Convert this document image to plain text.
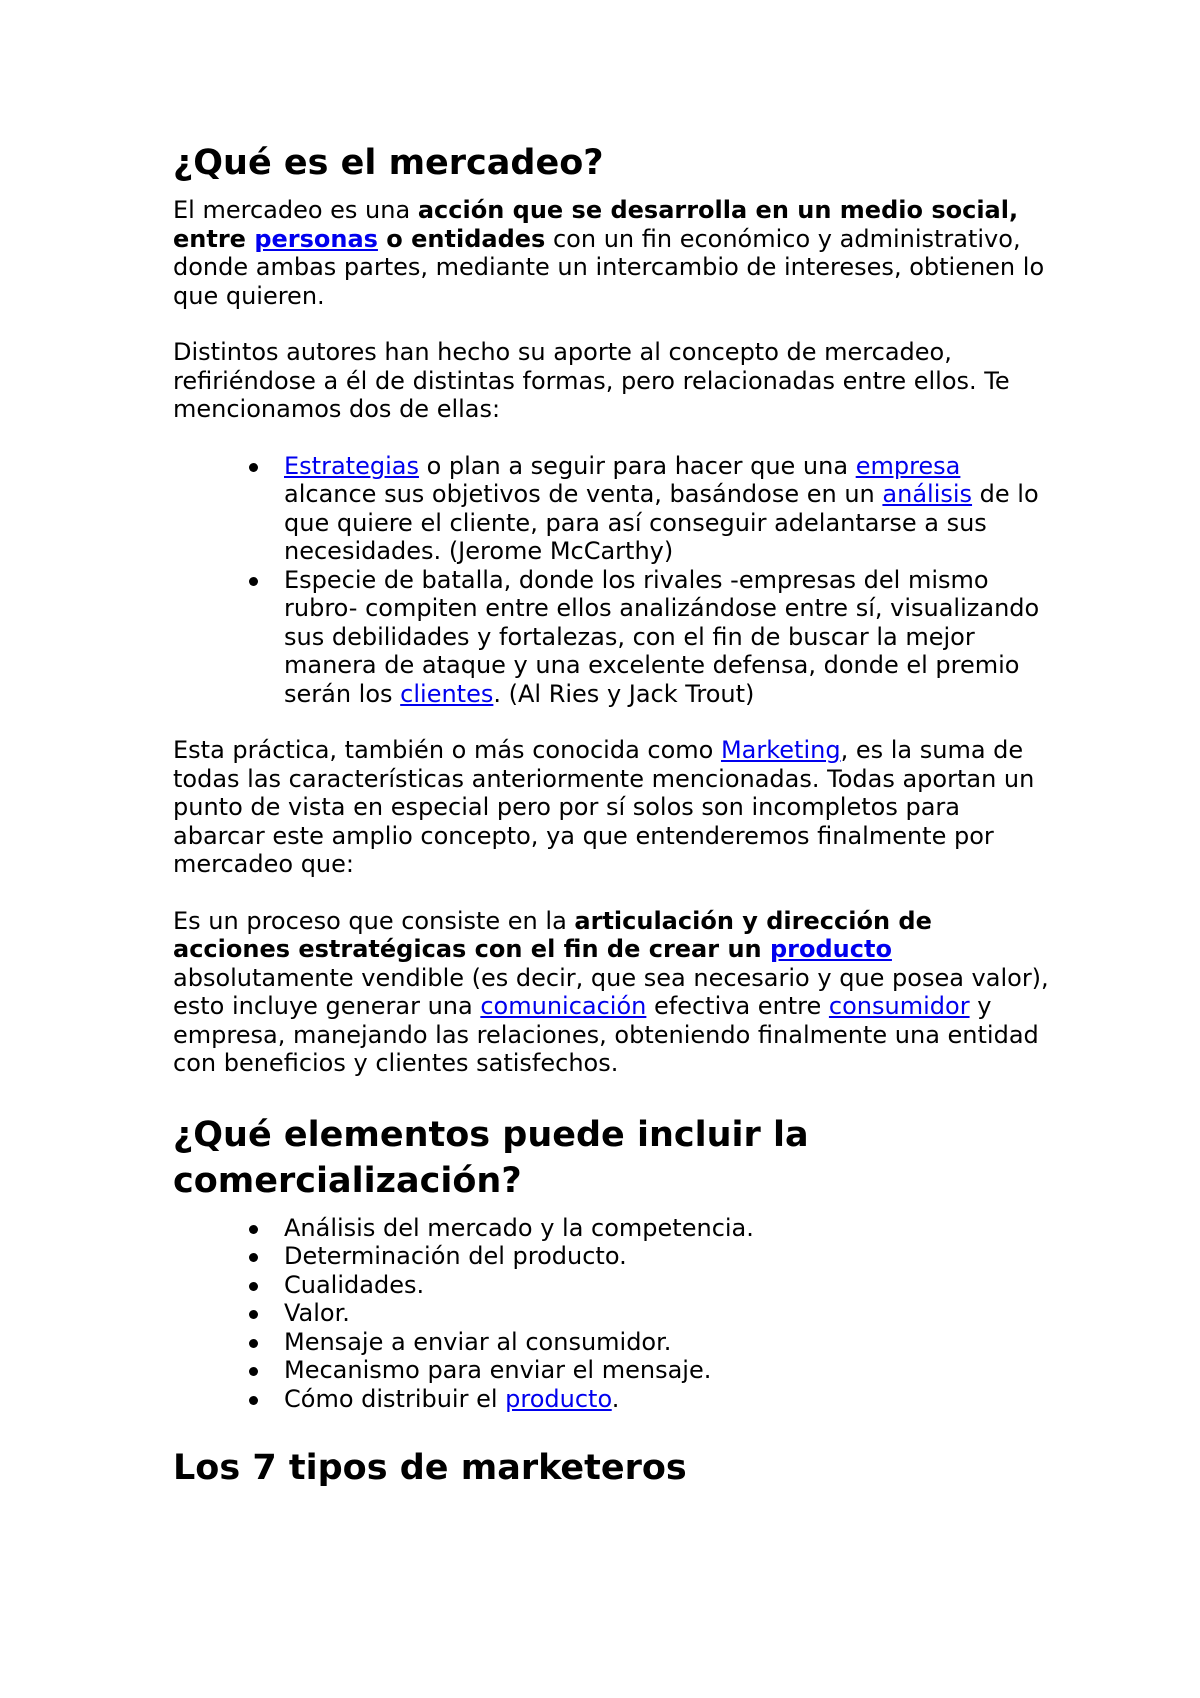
¿Qué es el mercadeo?

El mercadeo es una acción que se desarrolla en un medio social, entre personas o entidades con un fin económico y administrativo, donde ambas partes, mediante un intercambio de intereses, obtienen lo que quieren.

Distintos autores han hecho su aporte al concepto de mercadeo, refiriéndose a él de distintas formas, pero relacionadas entre ellos. Te mencionamos dos de ellas:

Estrategias o plan a seguir para hacer que una empresa alcance sus objetivos de venta, basándose en un análisis de lo que quiere el cliente, para así conseguir adelantarse a sus necesidades. (Jerome McCarthy)
Especie de batalla, donde los rivales -empresas del mismo rubro- compiten entre ellos analizándose entre sí, visualizando sus debilidades y fortalezas, con el fin de buscar la mejor manera de ataque y una excelente defensa, donde el premio serán los clientes. (Al Ries y Jack Trout)

Esta práctica, también o más conocida como Marketing, es la suma de todas las características anteriormente mencionadas. Todas aportan un punto de vista en especial pero por sí solos son incompletos para abarcar este amplio concepto, ya que entenderemos finalmente por mercadeo que:

Es un proceso que consiste en la articulación y dirección de acciones estratégicas con el fin de crear un producto absolutamente vendible (es decir, que sea necesario y que posea valor), esto incluye generar una comunicación efectiva entre consumidor y empresa, manejando las relaciones, obteniendo finalmente una entidad con beneficios y clientes satisfechos.

¿Qué elementos puede incluir la comercialización?
Análisis del mercado y la competencia.
Determinación del producto.
Cualidades.
Valor.
Mensaje a enviar al consumidor.
Mecanismo para enviar el mensaje.
Cómo distribuir el producto.
Los 7 tipos de marketeros
